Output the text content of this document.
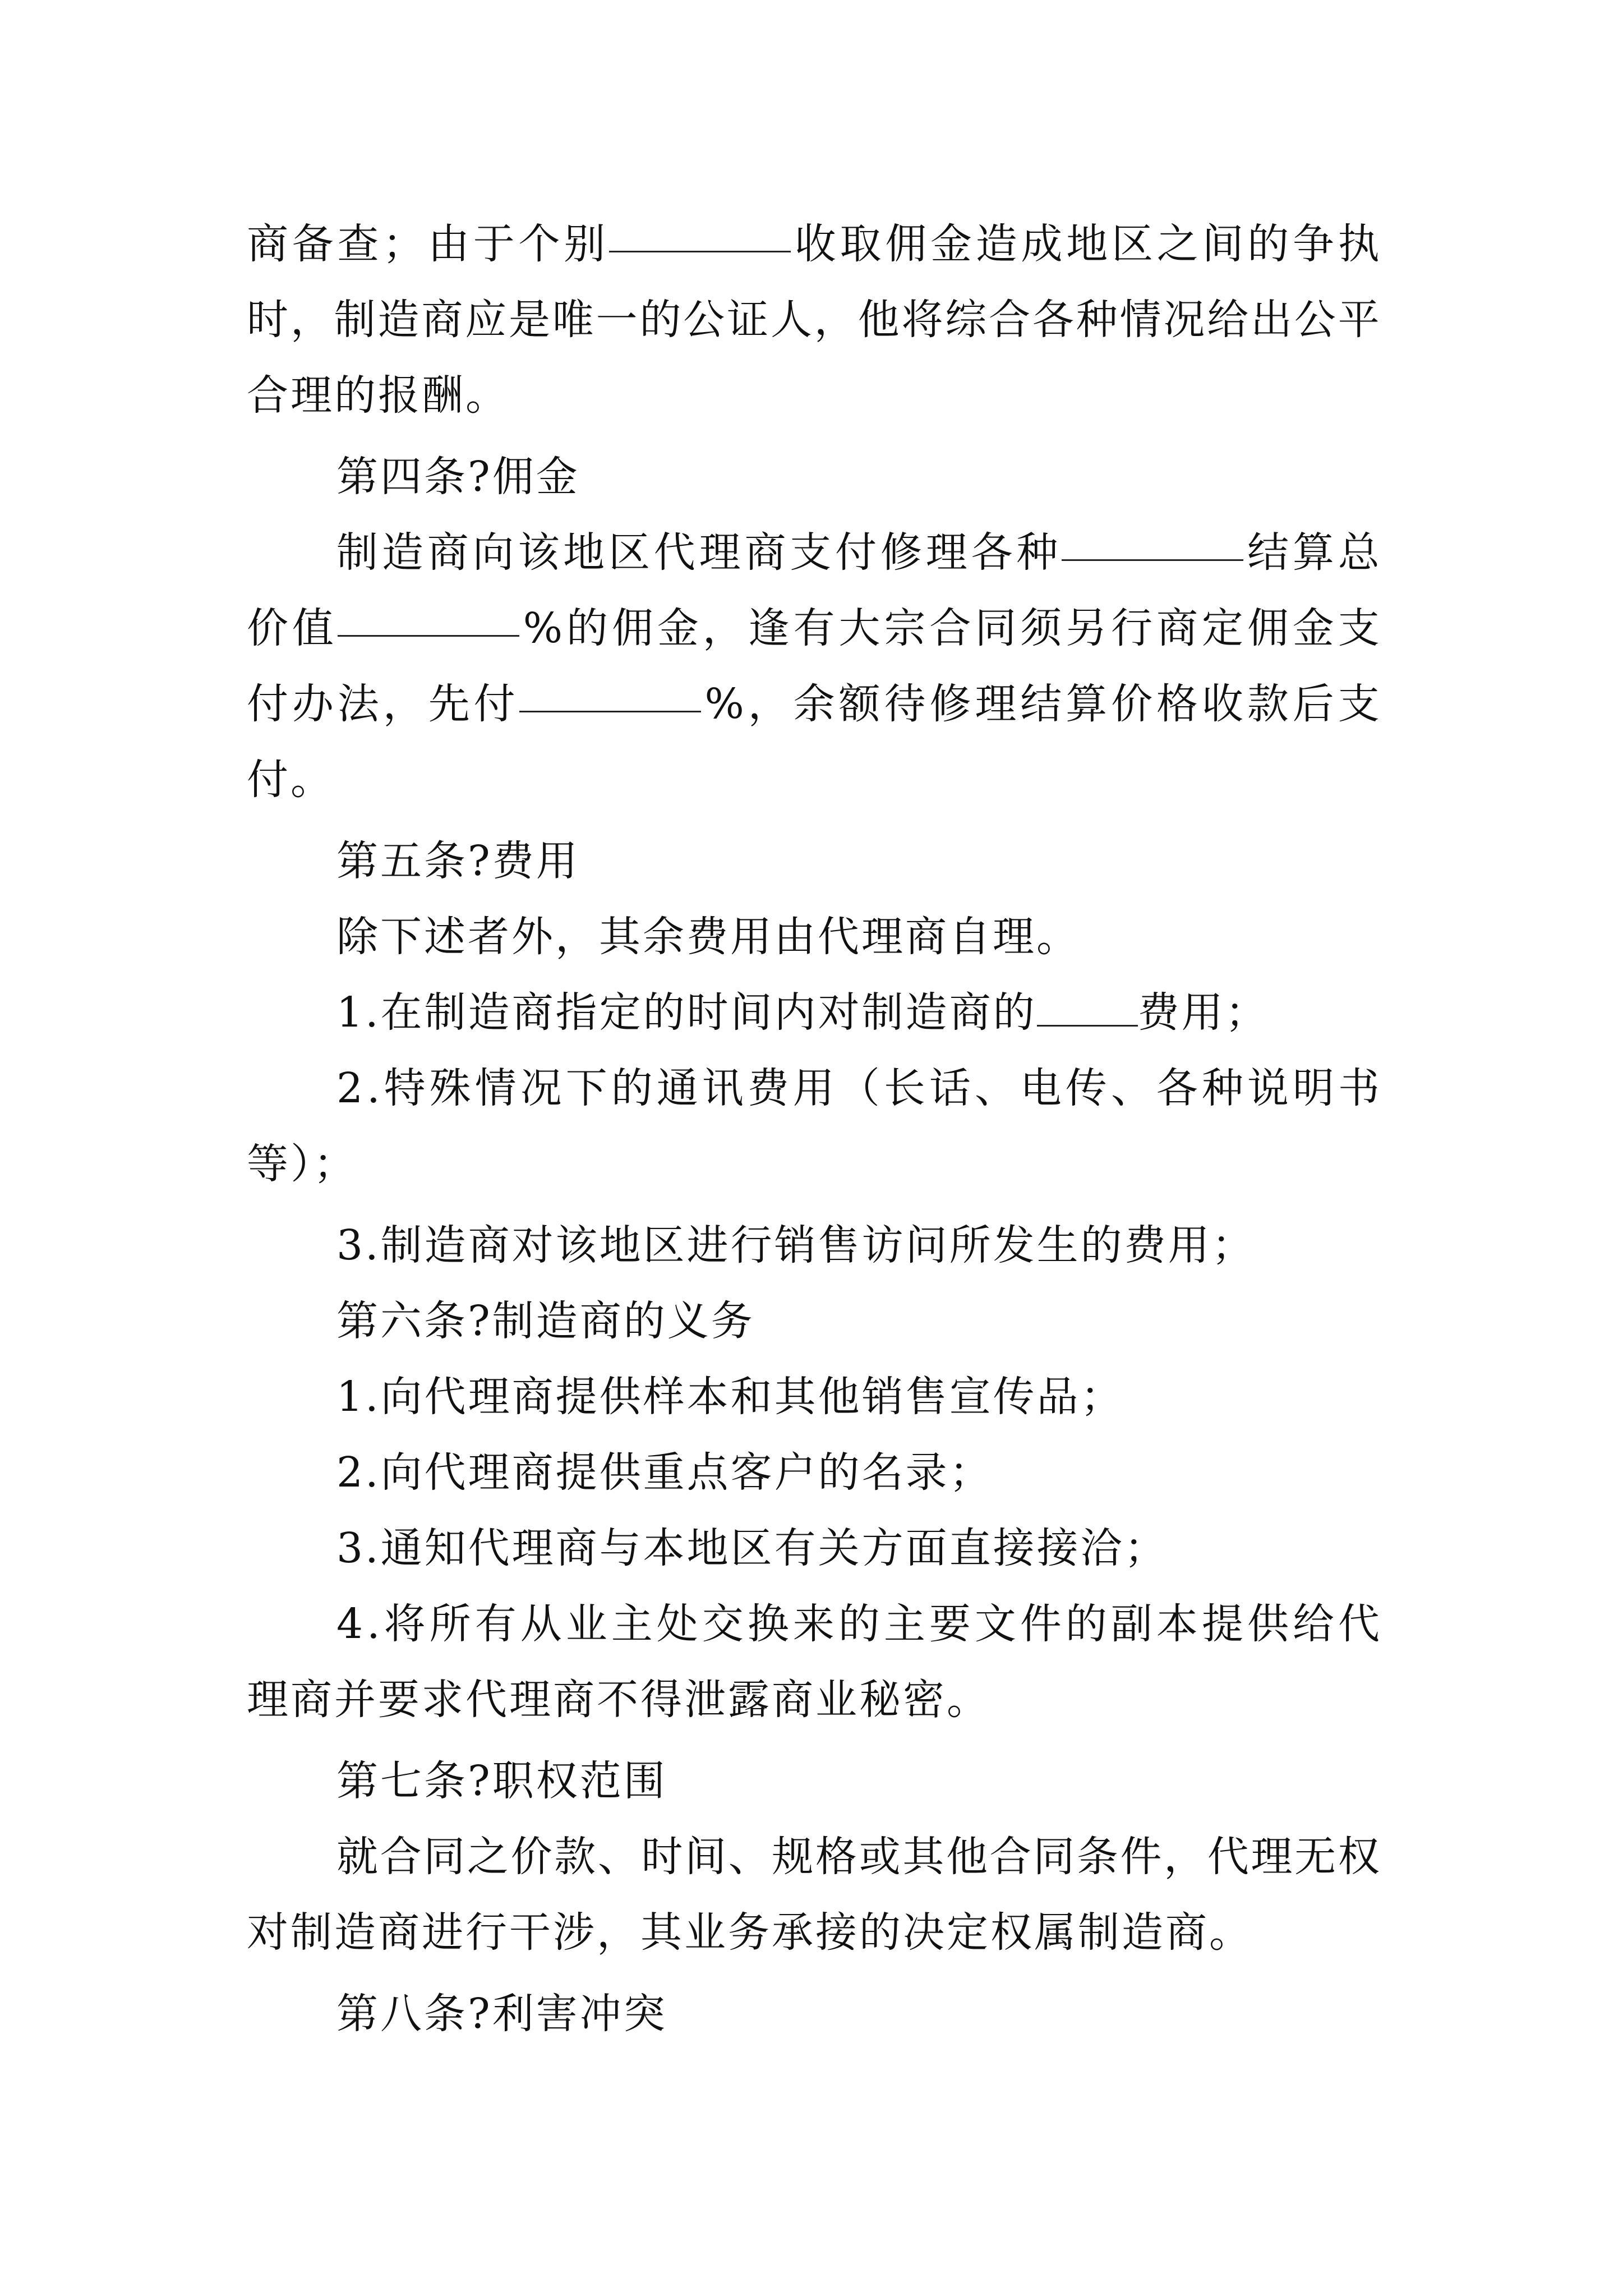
商 备 查 ； 由 于 个 别	收 取 佣 金 造 成 地 区 之 间 的 争 执
时 ， 制 造 商 应 是 唯 一 的 公 证 人 ， 他 将 综 合 各 种 情 况 给 出 公 平
合理的报酬。
第四条?佣金
制 造 商 向 该 地 区 代 理 商 支 付 修 理 各 种	结 算 总
价 值	% 的 佣 金 ， 逢 有 大 宗 合 同 须 另 行 商 定 佣 金 支
付 办 法 ， 先 付	% ， 余 额 待 修 理 结 算 价 格 收 款 后 支
付。
第五条?费用
除下述者外，其余费用由代理商自理。
1.在制造商指定的时间内对制造商的 费用；
2 . 特 殊 情 况 下 的 通 讯 费 用 （ 长 话 、 电 传 、 各 种 说 明 书
等）；
3.制造商对该地区进行销售访问所发生的费用；
第六条?制造商的义务
1.向代理商提供样本和其他销售宣传品；
2.向代理商提供重点客户的名录；
3.通知代理商与本地区有关方面直接接洽；
4 . 将 所 有 从 业 主 处 交 换 来 的 主 要 文 件 的 副 本 提 供 给 代
理商并要求代理商不得泄露商业秘密。
第七条?职权范围
就 合 同 之 价 款 、 时 间 、 规 格 或 其 他 合 同 条 件 ， 代 理 无 权
对制造商进行干涉，其业务承接的决定权属制造商。
第八条?利害冲突
